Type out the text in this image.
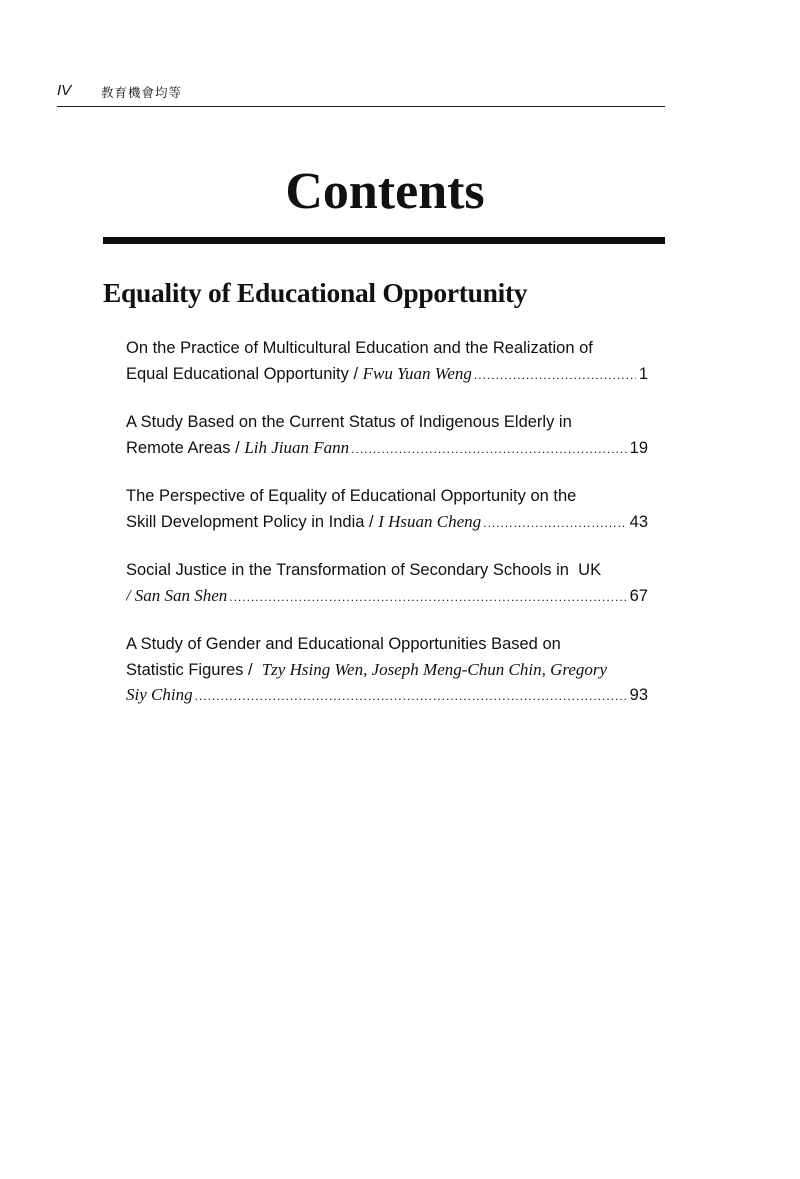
IV 教育機會均等
Contents
Equality of Educational Opportunity
On the Practice of Multicultural Education and the Realization of
Equal Educational Opportunity / Fwu Yuan Weng .....	1
A Study Based on the Current Status of Indigenous Elderly in
Remote Areas / Lih Jiuan Fann .....	19
The Perspective of Equality of Educational Opportunity on the
Skill Development Policy in India / I Hsuan Cheng .....	43
Social Justice in the Transformation of Secondary Schools in  UK
/ San San Shen .....	67
A Study of Gender and Educational Opportunities Based on
Statistic Figures /  Tzy Hsing Wen, Joseph Meng-Chun Chin, Gregory
Siy Ching .....	93
